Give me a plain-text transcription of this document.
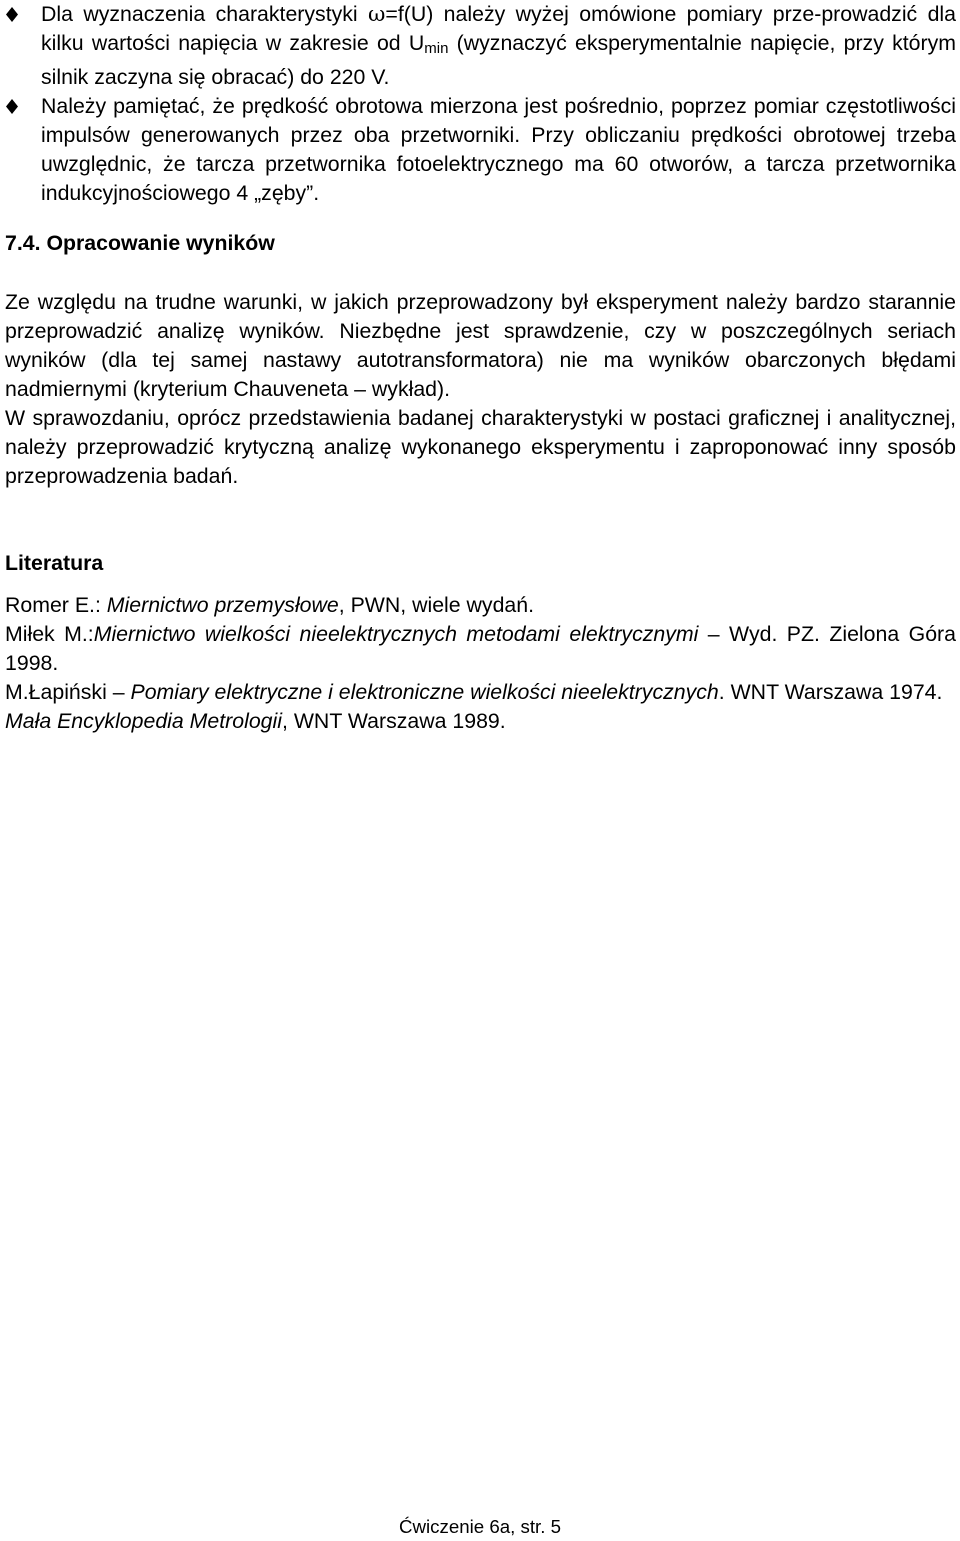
Dla wyznaczenia charakterystyki ω=f(U) należy wyżej omówione pomiary prze-prowadzić dla kilku wartości napięcia w zakresie od $U_{min}$ (wyznaczyć eksperymentalnie napięcie, przy którym silnik zaczyna się obracać) do 220 V.

Należy pamiętać, że prędkość obrotowa mierzona jest pośrednio, poprzez pomiar częstotliwości impulsów generowanych przez oba przetworniki. Przy obliczaniu prędkości obrotowej trzeba uwzględnic, że tarcza przetwornika fotoelektrycznego ma 60 otworów, a tarcza przetwornika indukcyjnościowego 4 „zęby”.

7.4. Opracowanie wyników

Ze względu na trudne warunki, w jakich przeprowadzony był eksperyment należy bardzo starannie przeprowadzić analizę wyników. Niezbędne jest sprawdzenie, czy w poszczególnych seriach wyników (dla tej samej nastawy autotransformatora) nie ma wyników obarczonych błędami nadmiernymi (kryterium Chauveneta – wykład).

W sprawozdaniu, oprócz przedstawienia badanej charakterystyki w postaci graficznej i analitycznej, należy przeprowadzić krytyczną analizę wykonanego eksperymentu i zaproponować inny sposób przeprowadzenia badań.

Literatura

Romer E.: Miernictwo przemysłowe, PWN, wiele wydań.

Miłek M.:Miernictwo wielkości nieelektrycznych metodami elektrycznymi – Wyd. PZ. Zielona Góra 1998.

M.Łapiński – Pomiary elektryczne i elektroniczne wielkości nieelektrycznych. WNT Warszawa 1974.

Mała Encyklopedia Metrologii, WNT Warszawa 1989.

Ćwiczenie 6a, str. 5
